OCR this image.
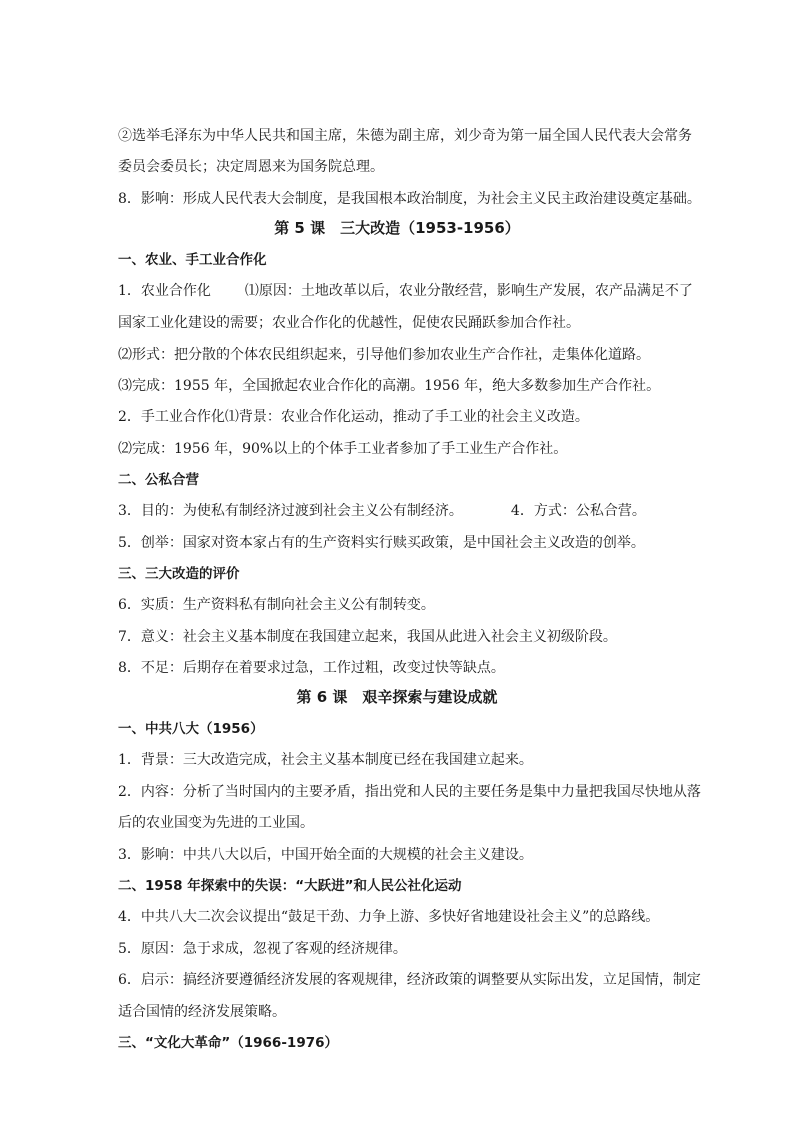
②选举毛泽东为中华人民共和国主席，朱德为副主席，刘少奇为第一届全国人民代表大会常务
委员会委员长；决定周恩来为国务院总理。
8．影响：形成人民代表大会制度，是我国根本政治制度，为社会主义民主政治建设奠定基础。
第 5 课　三大改造（1953-1956）
一、农业、手工业合作化
1．农业合作化 ⑴原因：土地改革以后，农业分散经营，影响生产发展，农产品满足不了
国家工业化建设的需要；农业合作化的优越性，促使农民踊跃参加合作社。
⑵形式：把分散的个体农民组织起来，引导他们参加农业生产合作社，走集体化道路。
⑶完成：1955 年，全国掀起农业合作化的高潮。1956 年，绝大多数参加生产合作社。
2．手工业合作化⑴背景：农业合作化运动，推动了手工业的社会主义改造。
⑵完成：1956 年，90%以上的个体手工业者参加了手工业生产合作社。
二、公私合营
3．目的：为使私有制经济过渡到社会主义公有制经济。	4．方式：公私合营。
5．创举：国家对资本家占有的生产资料实行赎买政策，是中国社会主义改造的创举。
三、三大改造的评价
6．实质：生产资料私有制向社会主义公有制转变。
7．意义：社会主义基本制度在我国建立起来，我国从此进入社会主义初级阶段。
8．不足：后期存在着要求过急，工作过粗，改变过快等缺点。
第 6 课　艰辛探索与建设成就
一、中共八大（1956）
1．背景：三大改造完成，社会主义基本制度已经在我国建立起来。
2．内容：分析了当时国内的主要矛盾，指出党和人民的主要任务是集中力量把我国尽快地从落
后的农业国变为先进的工业国。
3．影响：中共八大以后，中国开始全面的大规模的社会主义建设。
二、1958 年探索中的失误：“大跃进”和人民公社化运动
4．中共八大二次会议提出“鼓足干劲、力争上游、多快好省地建设社会主义”的总路线。
5．原因：急于求成，忽视了客观的经济规律。
6．启示：搞经济要遵循经济发展的客观规律，经济政策的调整要从实际出发，立足国情，制定
适合国情的经济发展策略。
三、“文化大革命”（1966-1976）
